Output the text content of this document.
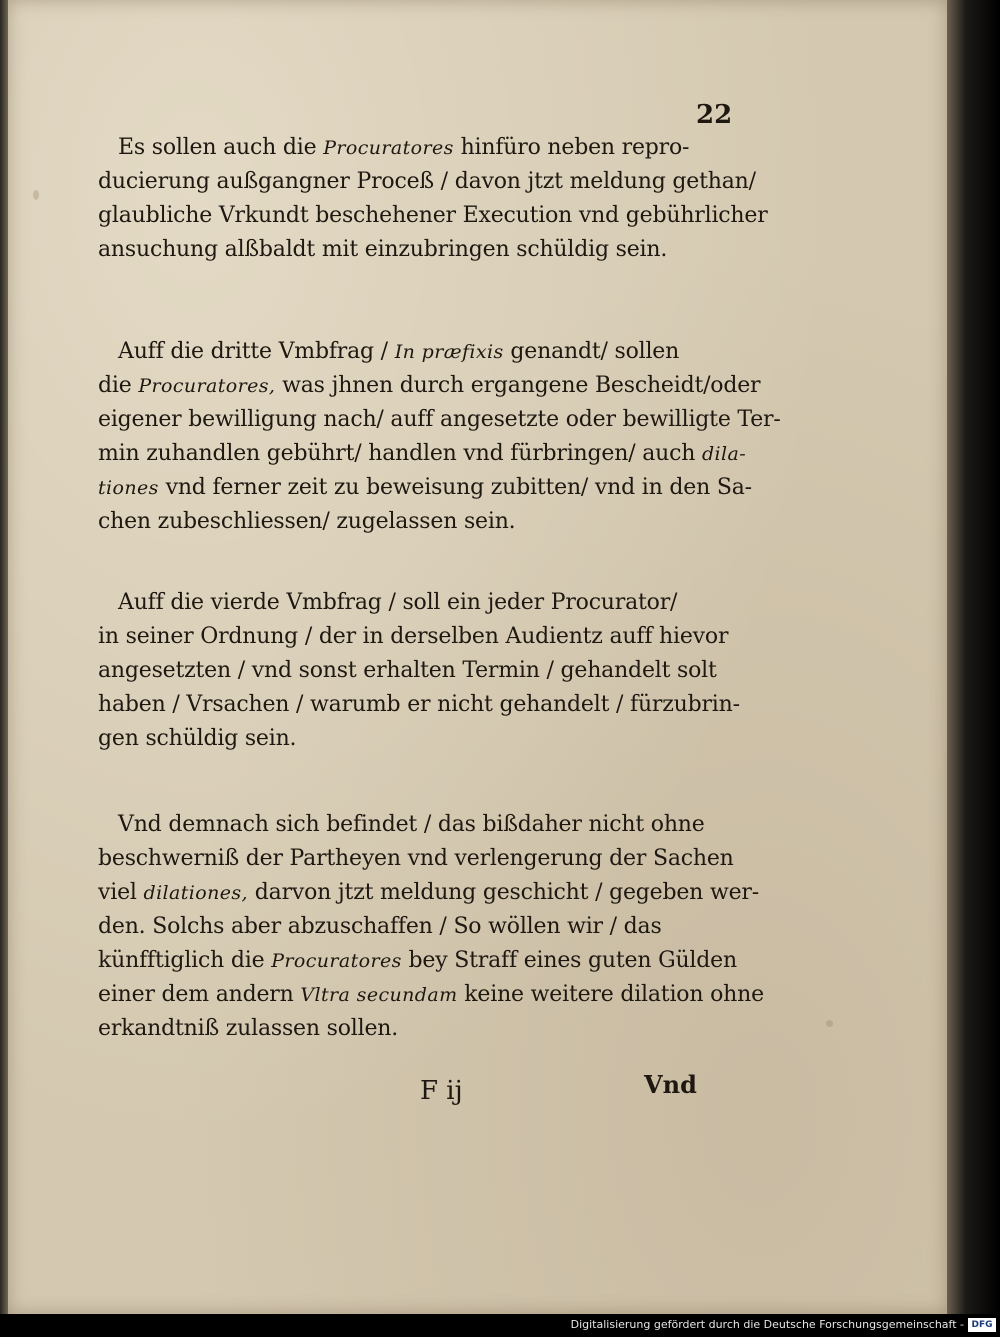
22

Es sollen auch die Procuratores hinfüro neben repro-
ducierung außgangner Proceß / davon jtzt meldung gethan/
glaubliche Vrkundt beschehener Execution vnd gebührlicher
ansuchung alßbaldt mit einzubringen schüldig sein.

Auff die dritte Vmbfrag / In præfixis genandt/ sollen
die Procuratores, was jhnen durch ergangene Bescheidt/oder
eigener bewilligung nach/ auff angesetzte oder bewilligte Ter-
min zuhandlen gebührt/ handlen vnd fürbringen/ auch dila-
tiones vnd ferner zeit zu beweisung zubitten/ vnd in den Sa-
chen zubeschliessen/ zugelassen sein.

Auff die vierde Vmbfrag / soll ein jeder Procurator/
in seiner Ordnung / der in derselben Audientz auff hievor
angesetzten / vnd sonst erhalten Termin / gehandelt solt
haben / Vrsachen / warumb er nicht gehandelt / fürzubrin-
gen schüldig sein.

Vnd demnach sich befindet / das bißdaher nicht ohne
beschwerniß der Partheyen vnd verlengerung der Sachen
viel dilationes, darvon jtzt meldung geschicht / gegeben wer-
den. Solchs aber abzuschaffen / So wöllen wir / das
künfftiglich die Procuratores bey Straff eines guten Gülden
einer dem andern Vltra secundam keine weitere dilation ohne
erkandtniß zulassen sollen.

F ij	Vnd
Digitalisierung gefördert durch die Deutsche Forschungsgemeinschaft - DFG
